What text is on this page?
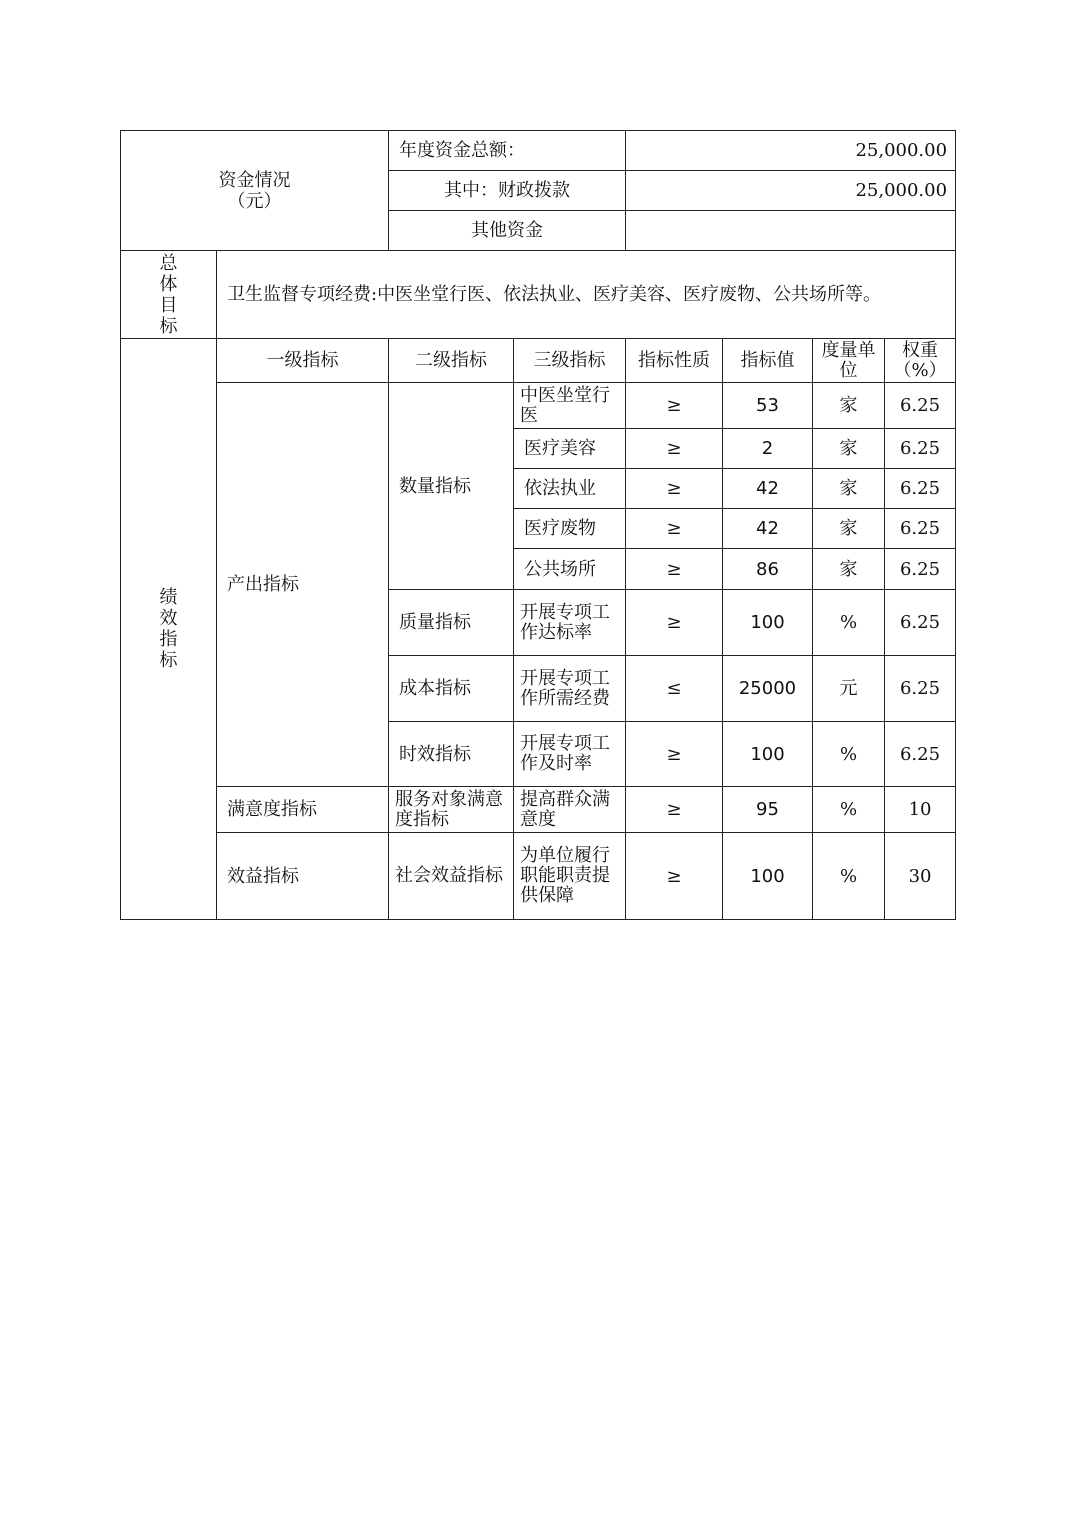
资金情况
（元）		年度资金总额：		25,000.00			
		其中：财政拨款		25,000.00			
		其他资金					

总体目标	卫生监督专项经费:中医坐堂行医、依法执业、医疗美容、医疗废物、公共场所等。						

绩效指标	一级指标	二级指标	三级指标	指标性质	指标值	度量单位	权重（%）
	产出指标	数量指标	中医坐堂行医	≥	53	家	6.25
			医疗美容	≥	2	家	6.25
			依法执业	≥	42	家	6.25
			医疗废物	≥	42	家	6.25
			公共场所	≥	86	家	6.25
		质量指标	开展专项工作达标率	≥	100	%	6.25
		成本指标	开展专项工作所需经费	≤	25000	元	6.25
		时效指标	开展专项工作及时率	≥	100	%	6.25
	满意度指标	服务对象满意度指标	提高群众满意度	≥	95	%	10
	效益指标	社会效益指标	为单位履行职能职责提供保障	≥	100	%	30
